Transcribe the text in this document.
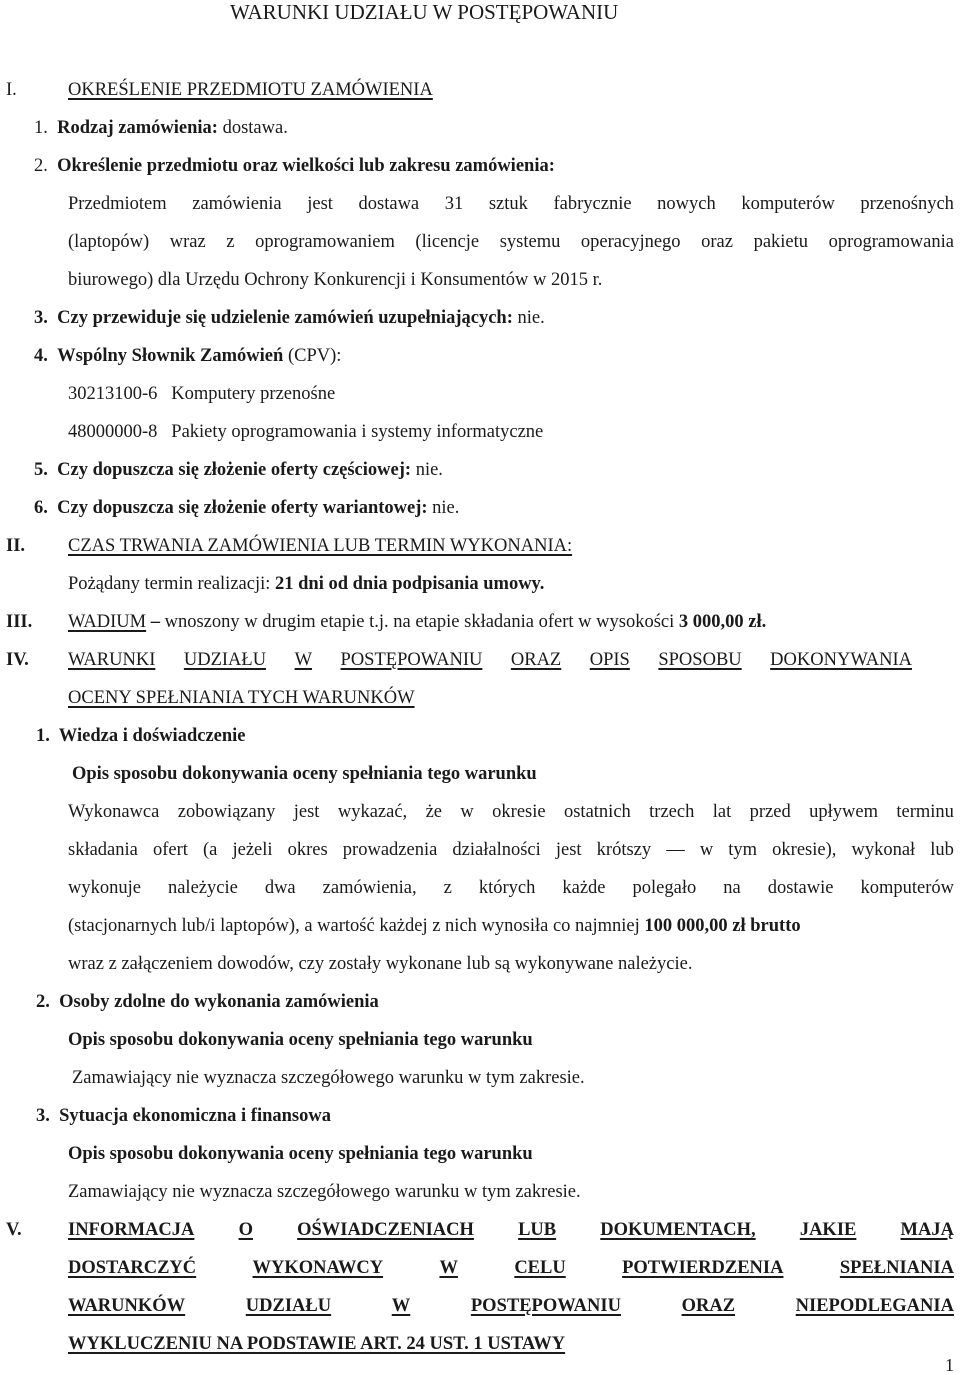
WARUNKI UDZIAŁU W POSTĘPOWANIU
I.	OKREŚLENIE PRZEDMIOTU ZAMÓWIENIA
1. Rodzaj zamówienia: dostawa.
2. Określenie przedmiotu oraz wielkości lub zakresu zamówienia:
Przedmiotem zamówienia jest dostawa 31 sztuk fabrycznie nowych komputerów przenośnych
(laptopów) wraz z oprogramowaniem (licencje systemu operacyjnego oraz pakietu oprogramowania
biurowego) dla Urzędu Ochrony Konkurencji i Konsumentów w 2015 r.
3. Czy przewiduje się udzielenie zamówień uzupełniających: nie.
4. Wspólny Słownik Zamówień (CPV):
30213100-6 Komputery przenośne
48000000-8 Pakiety oprogramowania i systemy informatyczne
5. Czy dopuszcza się złożenie oferty częściowej: nie.
6. Czy dopuszcza się złożenie oferty wariantowej: nie.
II. CZAS TRWANIA ZAMÓWIENIA LUB TERMIN WYKONANIA:
Pożądany termin realizacji: 21 dni od dnia podpisania umowy.
III. WADIUM – wnoszony w drugim etapie t.j. na etapie składania ofert w wysokości 3 000,00 zł.
IV. WARUNKI UDZIAŁU W POSTĘPOWANIU ORAZ OPIS SPOSOBU DOKONYWANIA
OCENY SPEŁNIANIA TYCH WARUNKÓW
1. Wiedza i doświadczenie
Opis sposobu dokonywania oceny spełniania tego warunku
Wykonawca zobowiązany jest wykazać, że w okresie ostatnich trzech lat przed upływem terminu
składania ofert (a jeżeli okres prowadzenia działalności jest krótszy — w tym okresie), wykonał lub
wykonuje należycie dwa zamówienia, z których każde polegało na dostawie komputerów
(stacjonarnych lub/i laptopów), a wartość każdej z nich wynosiła co najmniej 100 000,00 zł brutto
wraz z załączeniem dowodów, czy zostały wykonane lub są wykonywane należycie.
2. Osoby zdolne do wykonania zamówienia
Opis sposobu dokonywania oceny spełniania tego warunku
Zamawiający nie wyznacza szczegółowego warunku w tym zakresie.
3. Sytuacja ekonomiczna i finansowa
Opis sposobu dokonywania oceny spełniania tego warunku
Zamawiający nie wyznacza szczegółowego warunku w tym zakresie.
V.	INFORMACJA O OŚWIADCZENIACH LUB DOKUMENTACH, JAKIE MAJĄ
DOSTARCZYĆ	WYKONAWCY	W	CELU	POTWIERDZENIA	SPEŁNIANIA
WARUNKÓW	UDZIAŁU	W	POSTĘPOWANIU	ORAZ	NIEPODLEGANIA
WYKLUCZENIU NA PODSTAWIE ART. 24 UST. 1 USTAWY
1
